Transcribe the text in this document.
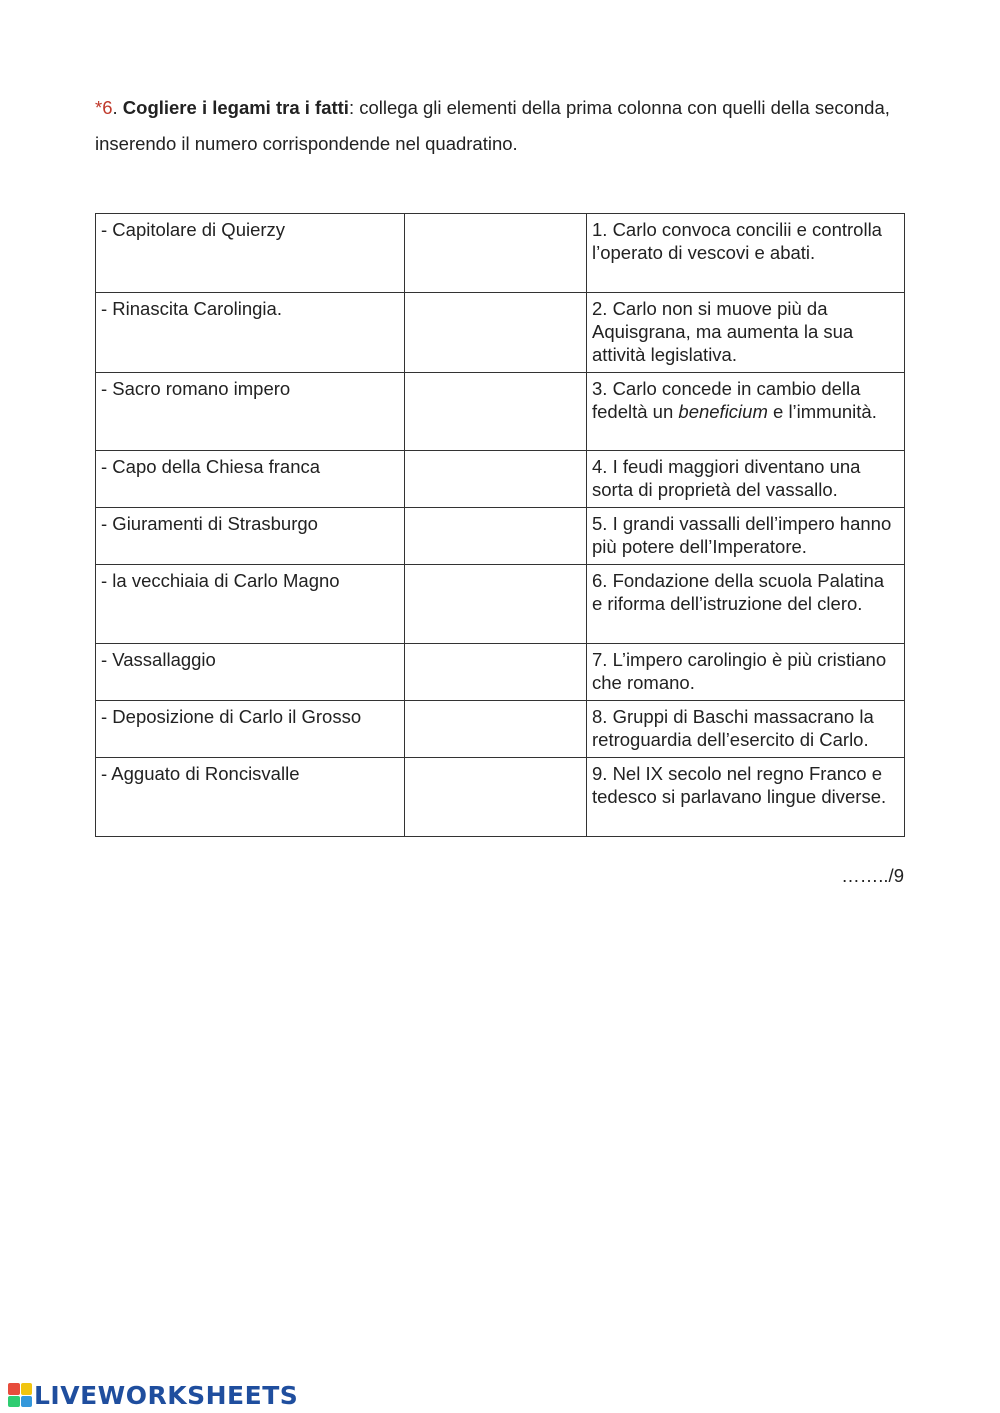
*6. Cogliere i legami tra i fatti: collega gli elementi della prima colonna con quelli della seconda, inserendo il numero corrispondende nel quadratino.

- Capitolare di Quierzy		1. Carlo convoca concilii e controlla l’operato di vescovi e abati.
- Rinascita Carolingia.		2. Carlo non si muove più da Aquisgrana, ma aumenta la sua attività legislativa.
- Sacro romano impero		3. Carlo concede in cambio della fedeltà un beneficium e l’immunità.
- Capo della Chiesa franca		4. I feudi maggiori diventano una sorta di proprietà del vassallo.
- Giuramenti di Strasburgo		5. I grandi vassalli dell’impero hanno più potere dell’Imperatore.
- la vecchiaia di Carlo Magno		6. Fondazione della scuola Palatina e riforma dell’istruzione del clero.
- Vassallaggio		7. L’impero carolingio è più cristiano che romano.
- Deposizione di Carlo il Grosso		8. Gruppi di Baschi massacrano la retroguardia dell’esercito di Carlo.
- Agguato di Roncisvalle		9. Nel IX secolo nel regno Franco e tedesco si parlavano lingue diverse.
……../9
LIVEWORKSHEETS
